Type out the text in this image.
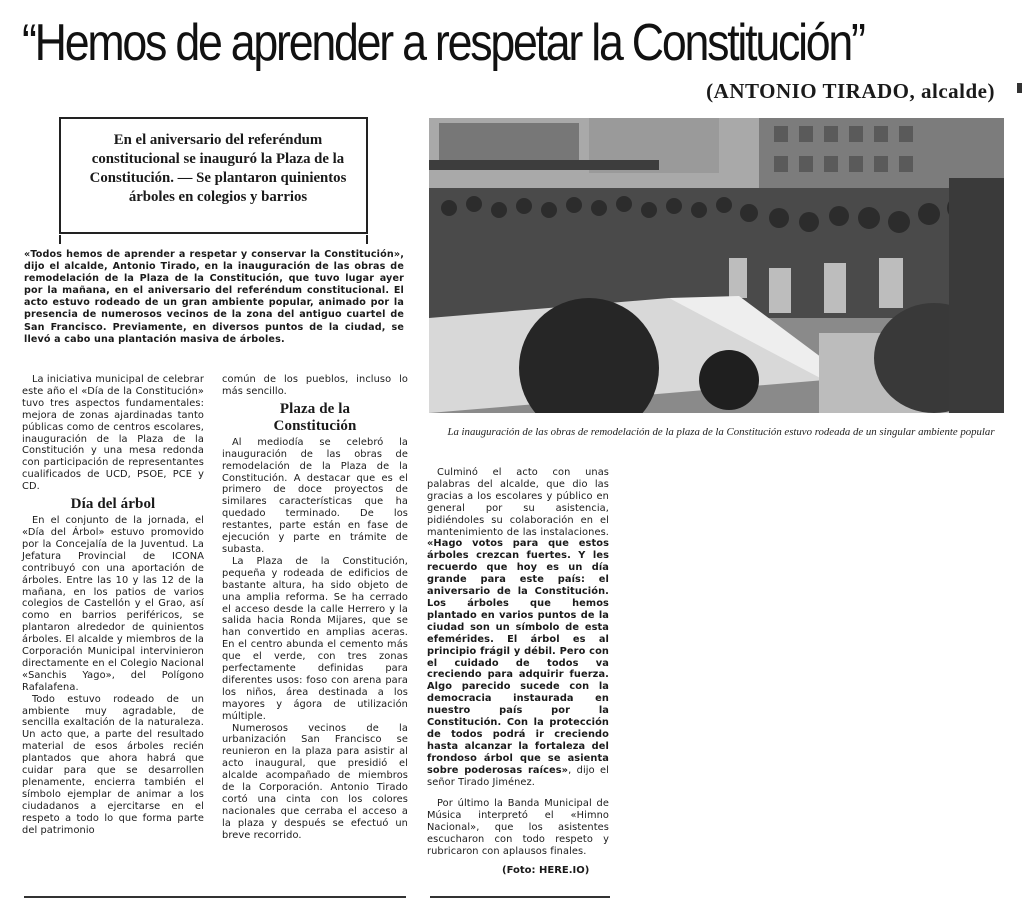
“Hemos de aprender a respetar la Constitución”
(ANTONIO TIRADO, alcalde)
En el aniversario del referéndum constitucional se inauguró la Plaza de la Constitución. — Se plantaron quinientos árboles en colegios y barrios
«Todos hemos de aprender a respetar y conservar la Constitución», dijo el alcalde, Antonio Tirado, en la inauguración de las obras de remodelación de la Plaza de la Constitución, que tuvo lugar ayer por la mañana, en el aniversario del referéndum constitucional. El acto estuvo rodeado de un gran ambiente popular, animado por la presencia de numerosos vecinos de la zona del antiguo cuartel de San Francisco. Previamente, en diversos puntos de la ciudad, se llevó a cabo una plantación masiva de árboles.

La iniciativa municipal de celebrar este año el «Día de la Constitución» tuvo tres aspectos fundamentales: mejora de zonas ajardinadas tanto públicas como de centros escolares, inauguración de la Plaza de la Constitución y una mesa redonda con participación de representantes cualificados de UCD, PSOE, PCE y CD.

Día del árbol

En el conjunto de la jornada, el «Día del Árbol» estuvo promovido por la Concejalía de la Juventud. La Jefatura Provincial de ICONA contribuyó con una aportación de árboles. Entre las 10 y las 12 de la mañana, en los patios de varios colegios de Castellón y el Grao, así como en barrios periféricos, se plantaron alrededor de quinientos árboles. El alcalde y miembros de la Corporación Municipal intervinieron directamente en el Colegio Nacional «Sanchis Yago», del Polígono Rafalafena.

Todo estuvo rodeado de un ambiente muy agradable, de sencilla exaltación de la naturaleza. Un acto que, a parte del resultado material de esos árboles recién plantados que ahora habrá que cuidar para que se desarrollen plenamente, encierra también el símbolo ejemplar de animar a los ciudadanos a ejercitarse en el respeto a todo lo que forma parte del patrimonio

común de los pueblos, incluso lo más sencillo.

Plaza de la Constitución

Al mediodía se celebró la inauguración de las obras de remodelación de la Plaza de la Constitución. A destacar que es el primero de doce proyectos de similares características que ha quedado terminado. De los restantes, parte están en fase de ejecución y parte en trámite de subasta.

La Plaza de la Constitución, pequeña y rodeada de edificios de bastante altura, ha sido objeto de una amplia reforma. Se ha cerrado el acceso desde la calle Herrero y la salida hacia Ronda Mijares, que se han convertido en amplias aceras. En el centro abunda el cemento más que el verde, con tres zonas perfectamente definidas para diferentes usos: foso con arena para los niños, área destinada a los mayores y ágora de utilización múltiple.

Numerosos vecinos de la urbanización San Francisco se reunieron en la plaza para asistir al acto inaugural, que presidió el alcalde acompañado de miembros de la Corporación. Antonio Tirado cortó una cinta con los colores nacionales que cerraba el acceso a la plaza y después se efectuó un breve recorrido.

La inauguración de las obras de remodelación de la plaza de la Constitución estuvo rodeada de un singular ambiente popular

Culminó el acto con unas palabras del alcalde, que dio las gracias a los escolares y público en general por su asistencia, pidiéndoles su colaboración en el mantenimiento de las instalaciones. «Hago votos para que estos árboles crezcan fuertes. Y les recuerdo que hoy es un día grande para este país: el aniversario de la Constitución. Los árboles que hemos plantado en varios puntos de la ciudad son un símbolo de esta efemérides. El árbol es al principio frágil y débil. Pero con el cuidado de todos va creciendo para adquirir fuerza. Algo parecido sucede con la democracia instaurada en nuestro país por la Constitución. Con la protección de todos podrá ir creciendo hasta alcanzar la fortaleza del frondoso árbol que se asienta sobre poderosas raíces», dijo el señor Tirado Jiménez.

Por último la Banda Municipal de Música interpretó el «Himno Nacional», que los asistentes escucharon con todo respeto y rubricaron con aplausos finales.

(Foto: HERE.IO)
